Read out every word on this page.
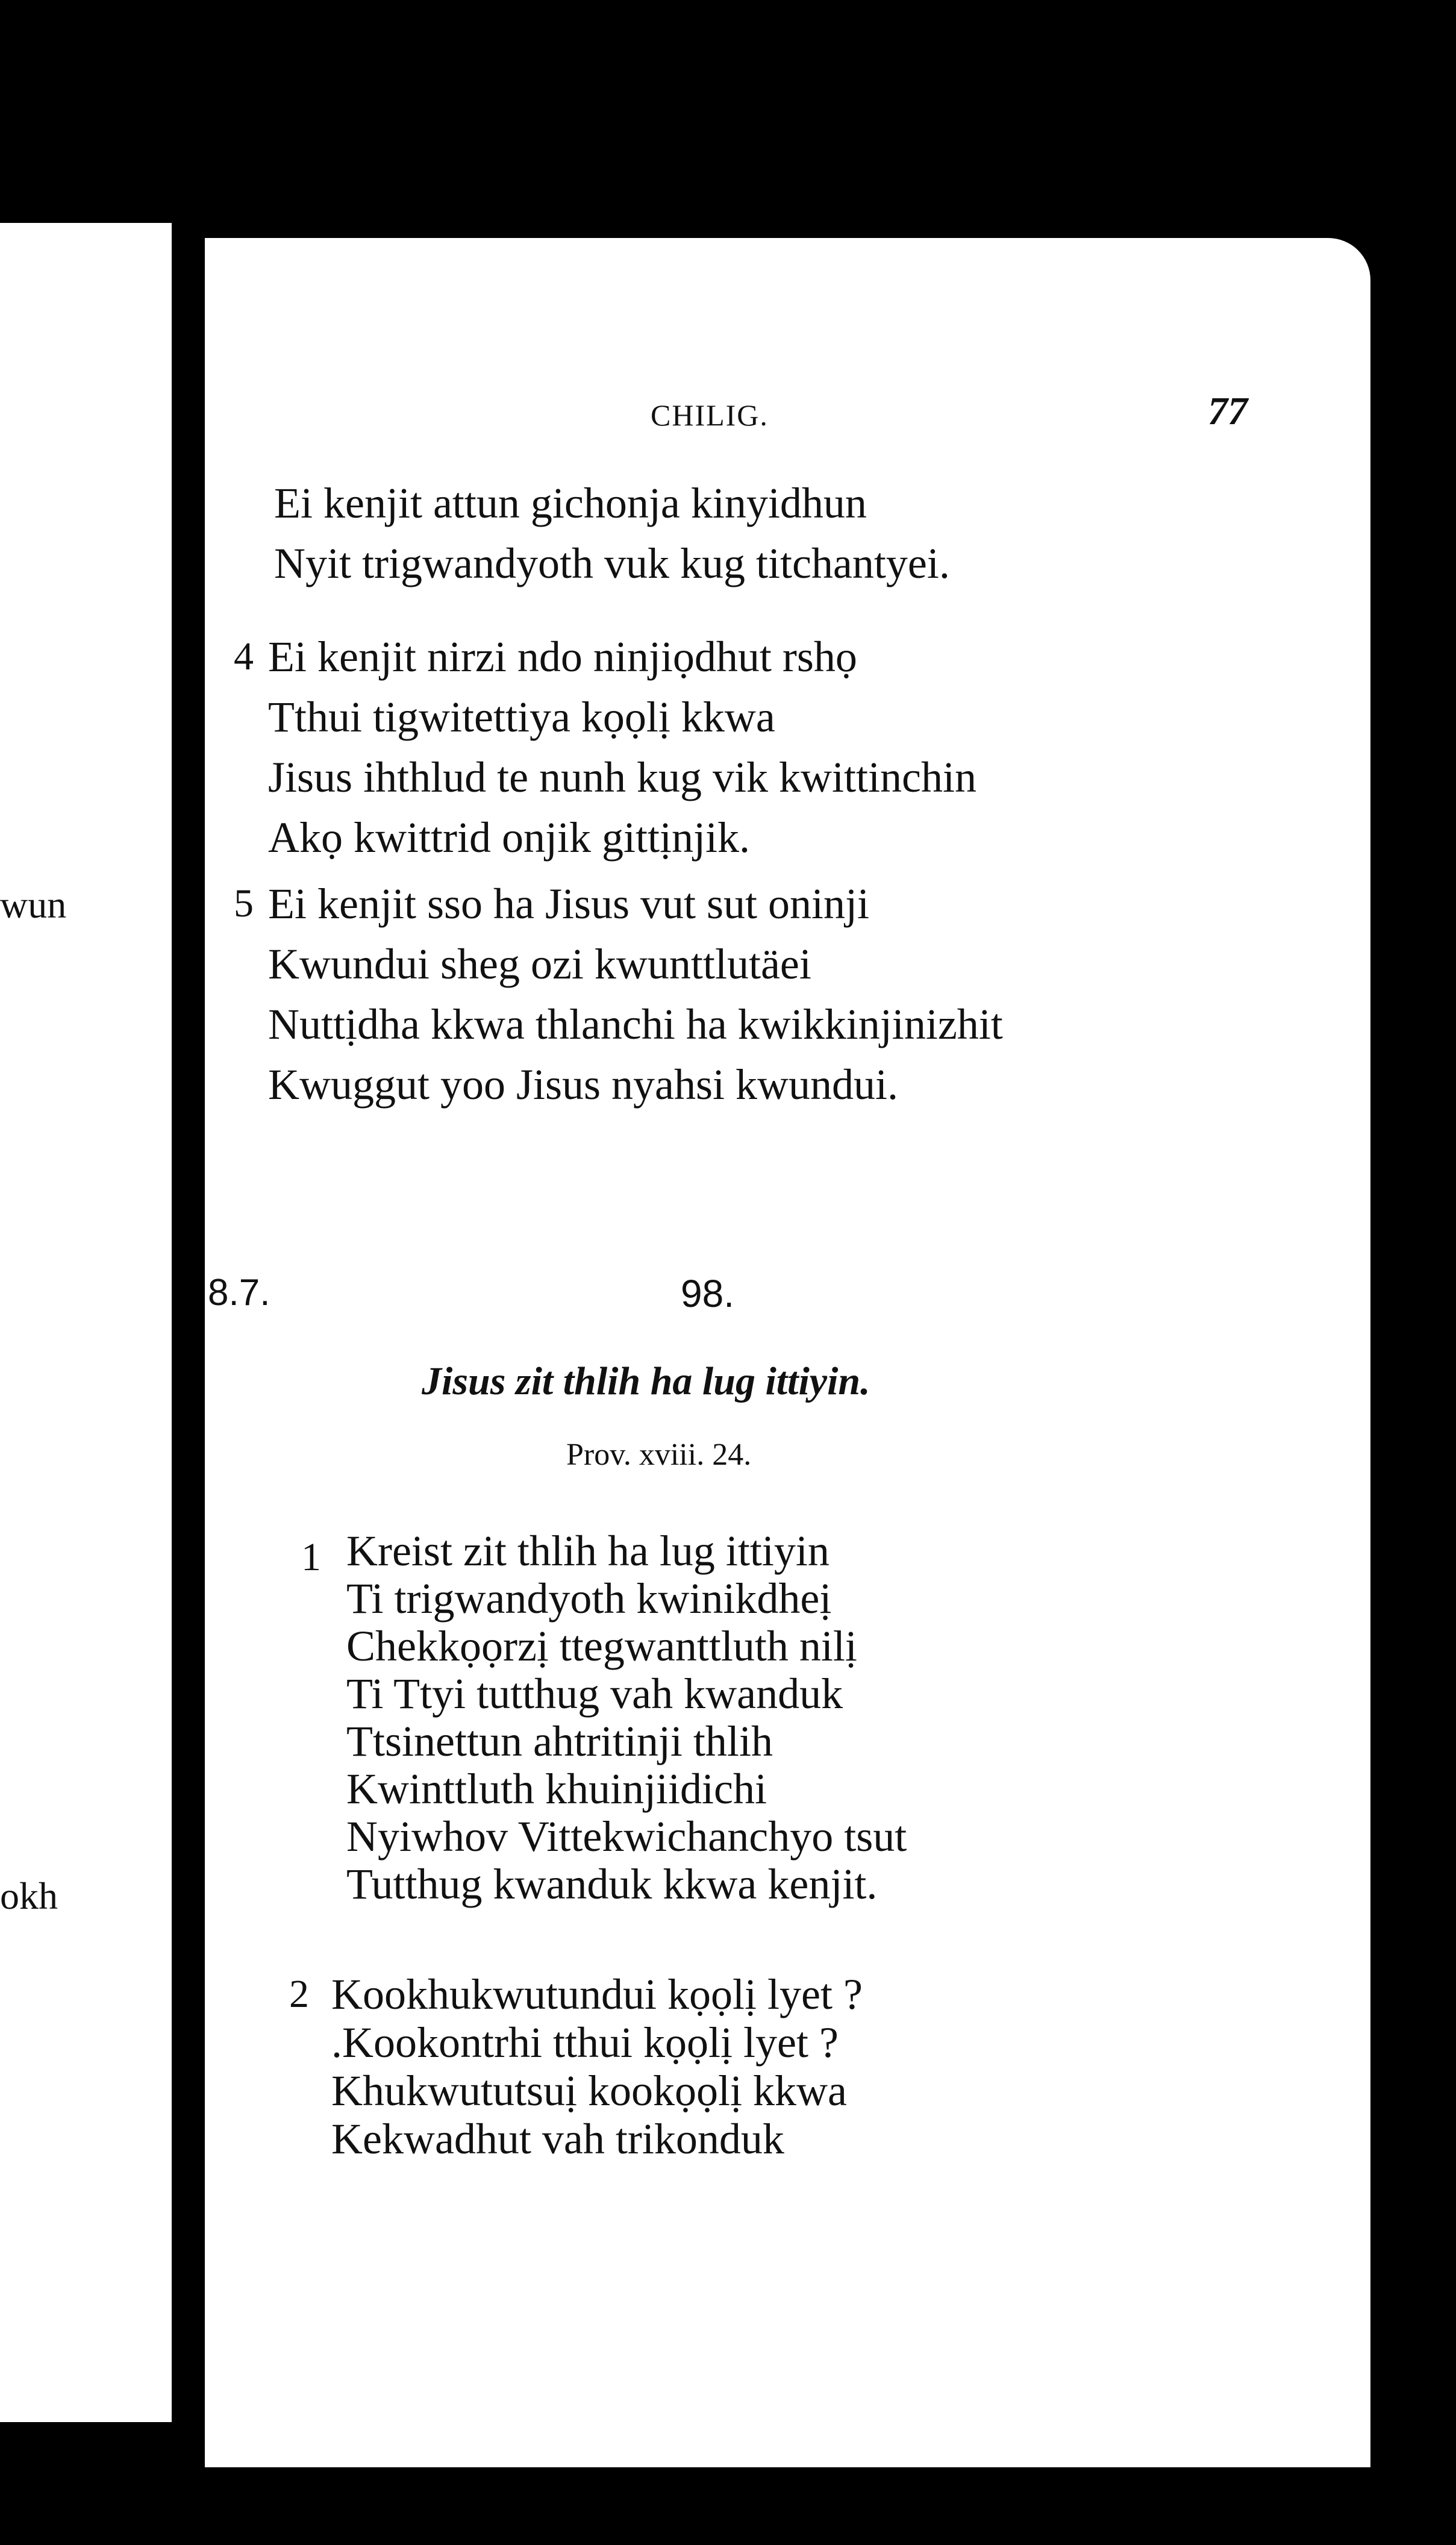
wun
okh
CHILIG.	77
Ei kenjit attun gichonja kinyidhun
Nyit trigwandyoth vuk kug titchantyei.
4 Ei kenjit nirzi ndo ninjiọdhut rshọ
Tthui tigwitettiya kọọlị kkwa
Jisus ihthlud te nunh kug vik kwittinchin
Akọ kwittrid onjik gittịnjik.
5 Ei kenjit sso ha Jisus vut sut oninji
Kwundui sheg ozi kwunttlutäei
Nuttịdha kkwa thlanchi ha kwikkinjinizhit
Kwuggut yoo Jisus nyahsi kwundui.
8.7.	98.
Jisus zit thlih ha lug ittiyin.
Prov. xviii. 24.
1 Kreist zit thlih ha lug ittiyin
Ti trigwandyoth kwinikdheị
Chekkọọrzị ttegwanttluth nilị
Ti Ttyi tutthug vah kwanduk
Ttsinettun ahtritinji thlih
Kwinttluth khuinjiidichi
Nyiwhov Vittekwichanchyo tsut
Tutthug kwanduk kkwa kenjit.
2 Kookhukwutundui kọọlị lyet ?
.Kookontrhi tthui kọọlị lyet ?
Khukwututsuị kookọọlị kkwa
Kekwadhut vah trikonduk
